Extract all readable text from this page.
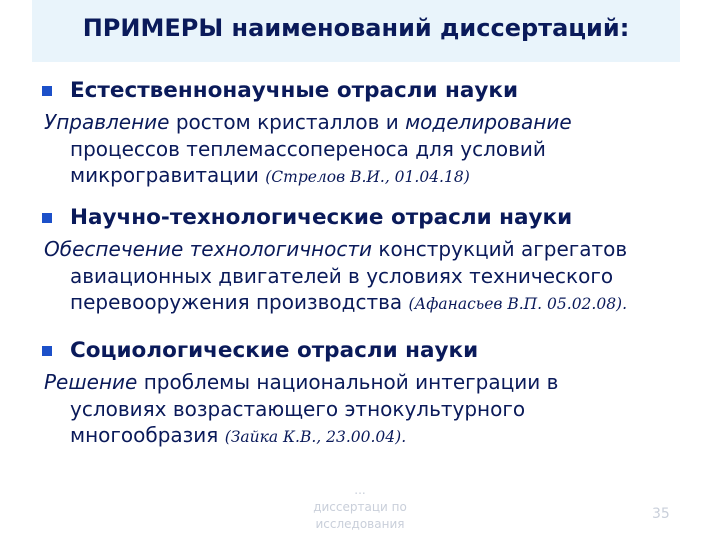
ПРИМЕРЫ наименований диссертаций:
Естественнонаучные отрасли науки
Управление ростом кристаллов и моделирование
процессов теплемассопереноса для условий
микрогравитации (Стрелов В.И., 01.04.18)
Научно-технологические отрасли науки
Обеспечение технологичности конструкций агрегатов
авиационных двигателей в условиях технического
перевооружения производства (Афанасьев В.П. 05.02.08).
Социологические отрасли науки
Решение проблемы национальной интеграции в
условиях возрастающего этнокультурного
многообразия (Зайка К.В., 23.00.04).
...
диссертаци по
исследования
35
